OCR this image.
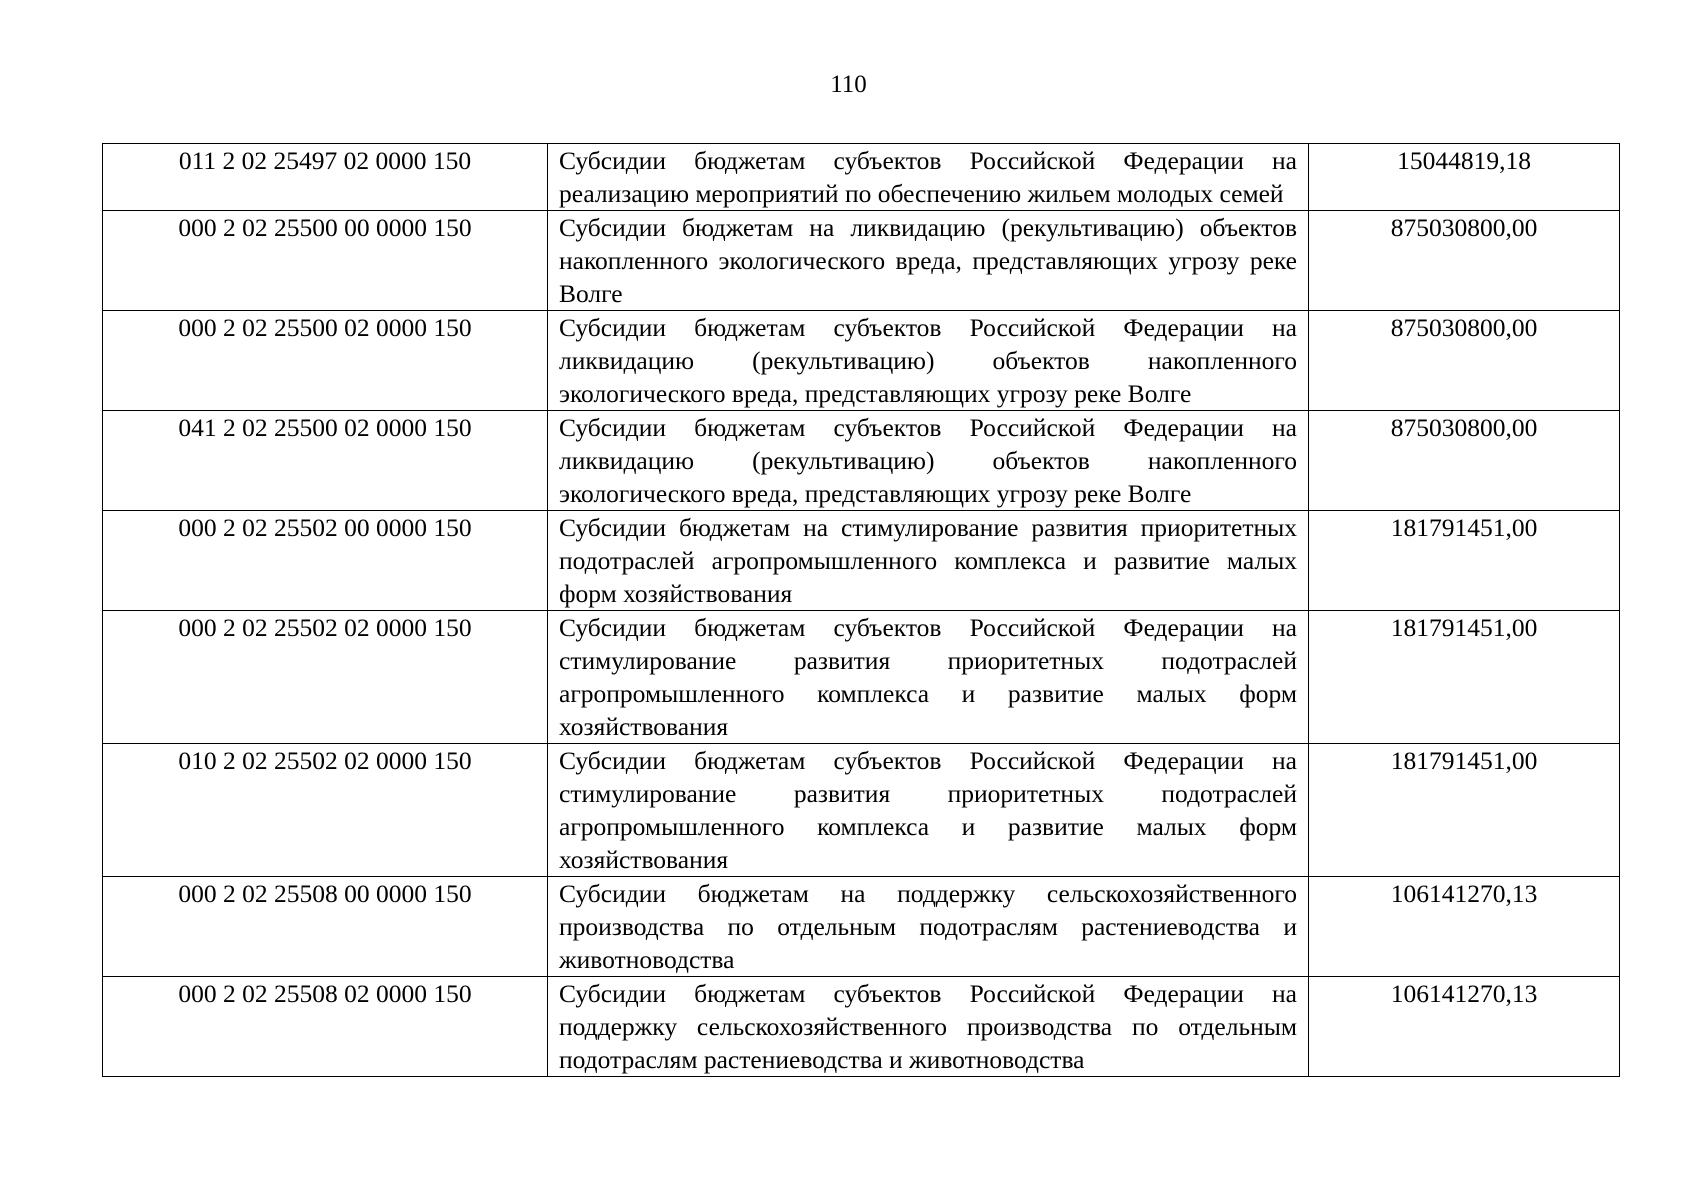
110
011 2 02 25497 02 0000 150	Субсидии бюджетам субъектов Российской Федерации на реализацию мероприятий по обеспечению жильем молодых семей	15044819,18
000 2 02 25500 00 0000 150	Субсидии бюджетам на ликвидацию (рекультивацию) объектов накопленного экологического вреда, представляющих угрозу реке Волге	875030800,00
000 2 02 25500 02 0000 150	Субсидии бюджетам субъектов Российской Федерации на ликвидацию (рекультивацию) объектов накопленного экологического вреда, представляющих угрозу реке Волге	875030800,00
041 2 02 25500 02 0000 150	Субсидии бюджетам субъектов Российской Федерации на ликвидацию (рекультивацию) объектов накопленного экологического вреда, представляющих угрозу реке Волге	875030800,00
000 2 02 25502 00 0000 150	Субсидии бюджетам на стимулирование развития приоритетных подотраслей агропромышленного комплекса и развитие малых форм хозяйствования	181791451,00
000 2 02 25502 02 0000 150	Субсидии бюджетам субъектов Российской Федерации на стимулирование развития приоритетных подотраслей агропромышленного комплекса и развитие малых форм хозяйствования	181791451,00
010 2 02 25502 02 0000 150	Субсидии бюджетам субъектов Российской Федерации на стимулирование развития приоритетных подотраслей агропромышленного комплекса и развитие малых форм хозяйствования	181791451,00
000 2 02 25508 00 0000 150	Субсидии бюджетам на поддержку сельскохозяйственного производства по отдельным подотраслям растениеводства и животноводства	106141270,13
000 2 02 25508 02 0000 150	Субсидии бюджетам субъектов Российской Федерации на поддержку сельскохозяйственного производства по отдельным подотраслям растениеводства и животноводства	106141270,13
